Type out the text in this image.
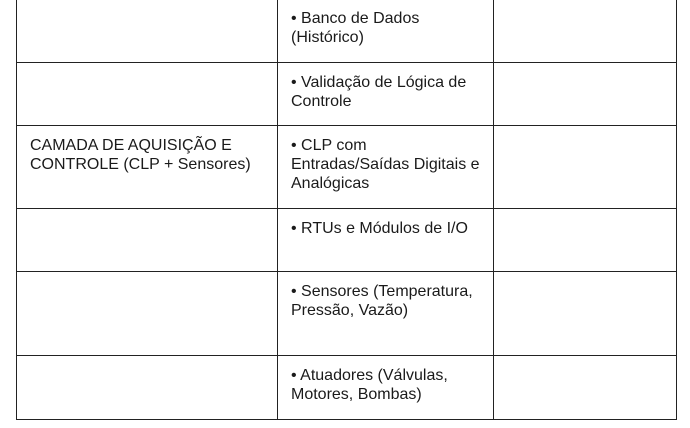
	• Banco de Dados (Histórico)	

	• Validação de Lógica de Controle	

CAMADA DE AQUISIÇÃO E CONTROLE (CLP + Sensores)	• CLP com Entradas/Saídas Digitais e Analógicas	

	• RTUs e Módulos de I/O	

	• Sensores (Temperatura, Pressão, Vazão)	

	• Atuadores (Válvulas, Motores, Bombas)	
